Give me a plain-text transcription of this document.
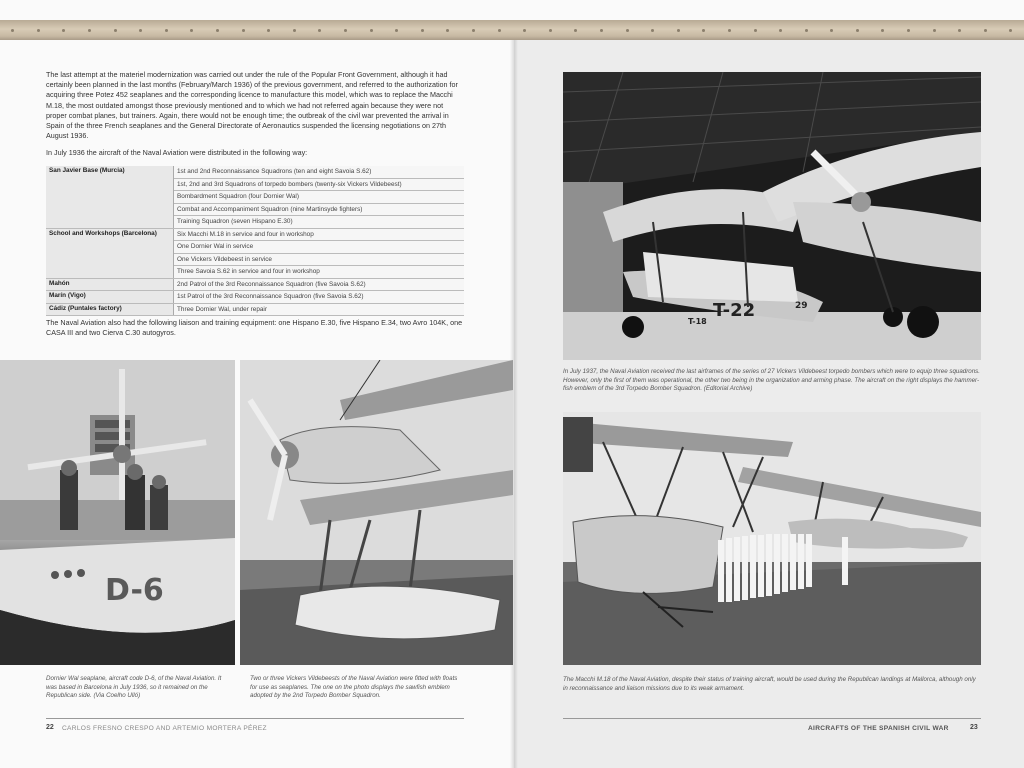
The last attempt at the materiel modernization was carried out under the rule of the Popular Front Government, although it had certainly been planned in the last months (February/March 1936) of the previous government, and referred to the authorization for acquiring three Potez 452 seaplanes and the corresponding licence to manufacture this model, which was to replace the Macchi M.18, the most outdated amongst those previously mentioned and to which we had not referred again because they were not proper combat planes, but trainers. Again, there would not be enough time; the outbreak of the civil war prevented the arrival in Spain of the three French seaplanes and the General Directorate of Aeronautics suspended the licensing negotiations on 27th August 1936.

In July 1936 the aircraft of the Naval Aviation were distributed in the following way:

San Javier Base (Murcia)	1st and 2nd Reconnaissance Squadrons (ten and eight Savoia S.62)
	1st, 2nd and 3rd Squadrons of torpedo bombers (twenty-six Vickers Vildebeest)
	Bombardment Squadron (four Dornier Wal)
	Combat and Accompaniment Squadron (nine Martinsyde fighters)
	Training Squadron (seven Hispano E.30)
School and Workshops (Barcelona)	Six Macchi M.18 in service and four in workshop
	One Dornier Wal in service
	One Vickers Vildebeest in service
	Three Savoia S.62 in service and four in workshop
Mahón	2nd Patrol of the 3rd Reconnaissance Squadron (five Savoia S.62)
Marín (Vigo)	1st Patrol of the 3rd Reconnaissance Squadron (five Savoia S.62)
Cádiz (Puntales factory)	Three Dornier Wal, under repair
The Naval Aviation also had the following liaison and training equipment: one Hispano E.30, five Hispano E.34, two Avro 104K, one CASA III and two Cierva C.30 autogyros.
D-6
Dornier Wal seaplane, aircraft code D-6, of the Naval Aviation. It was based in Barcelona in July 1936, so it remained on the Republican side. (Via Coelho Ulló)
Two or three Vickers Vildebeests of the Naval Aviation were fitted with floats for use as seaplanes. The one on the photo displays the sawfish emblem adopted by the 2nd Torpedo Bomber Squadron.
22 CARLOS FRESNO CRESPO AND ARTEMIO MORTERA PÉREZ
T-22
T-18
29
In July 1937, the Naval Aviation received the last airframes of the series of 27 Vickers Vildebeest torpedo bombers which were to equip three squadrons. However, only the first of them was operational, the other two being in the organization and arming phase. The aircraft on the right displays the hammer-fish emblem of the 3rd Torpedo Bomber Squadron. (Editorial Archive)
The Macchi M.18 of the Naval Aviation, despite their status of training aircraft, would be used during the Republican landings at Mallorca, although only in reconnaissance and liaison missions due to its weak armament.
AIRCRAFTS OF THE SPANISH CIVIL WAR	23
